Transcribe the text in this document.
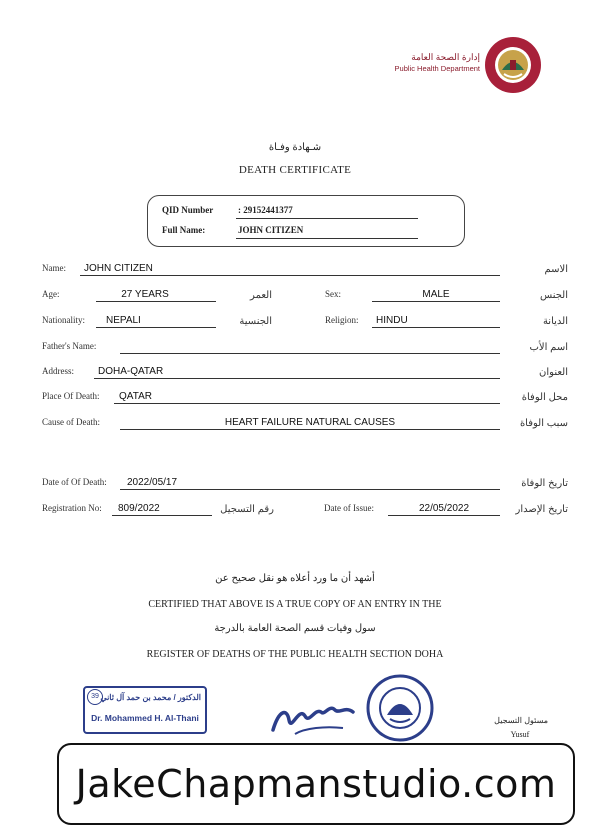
إدارة الصحة العامة
Public Health Department
شـهادة وفـاة
DEATH CERTIFICATE
QID Number	: 29152441377
Full Name:	JOHN CITIZEN
Name: JOHN CITIZEN	الاسم
Age:	27 YEARS	العمر	Sex:	MALE	الجنس
Nationality: NEPALI	الجنسية	Religion: HINDU	الديانة
Father's Name:	اسم الأب
Address: DOHA-QATAR	العنوان
Place Of Death: QATAR	محل الوفاة
Cause of Death:	HEART FAILURE NATURAL CAUSES	سبب الوفاة
Date of Of Death: 2022/05/17	تاريخ الوفاة
Registration No: 809/2022	رقم التسجيل	Date of Issue:	22/05/2022	تاريخ الإصدار
أشهد أن ما ورد أعلاه هو نقل صحيح عن
CERTIFIED THAT ABOVE IS A TRUE COPY OF AN ENTRY IN THE
سول وفيات قسم الصحة العامة بالدرجة
REGISTER OF DEATHS OF THE PUBLIC HEALTH SECTION DOHA
39 الدكتور / محمد بن حمد آل ثاني
Dr. Mohammed H. Al-Thani	مسئول التسجيل
Yusuf
JakeChapmanstudio.com
